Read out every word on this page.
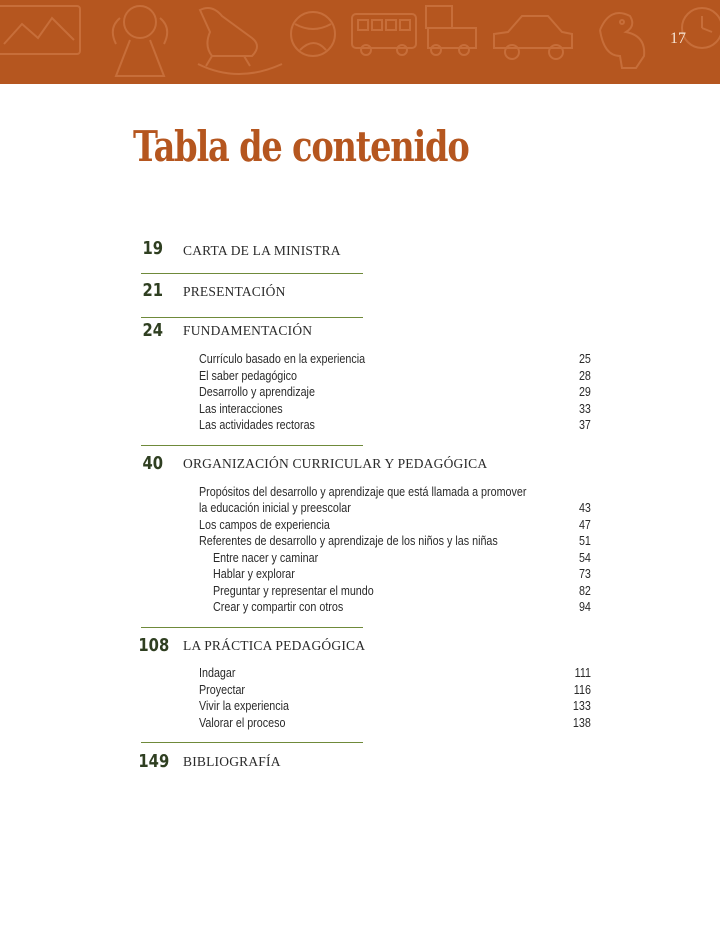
17
Tabla de contenido
19 CARTA DE LA MINISTRA
21 PRESENTACIÓN
24 FUNDAMENTACIÓN
Currículo basado en la experiencia	25
El saber pedagógico	28
Desarrollo y aprendizaje	29
Las interacciones	33
Las actividades rectoras	37
40 ORGANIZACIÓN CURRICULAR Y PEDAGÓGICA
Propósitos del desarrollo y aprendizaje que está llamada a promover
la educación inicial y preescolar	43
Los campos de experiencia	47
Referentes de desarrollo y aprendizaje de los niños y las niñas	51
Entre nacer y caminar	54
Hablar y explorar	73
Preguntar y representar el mundo	82
Crear y compartir con otros	94
108 LA PRÁCTICA PEDAGÓGICA
Indagar	111
Proyectar	116
Vivir la experiencia	133
Valorar el proceso	138
149 BIBLIOGRAFÍA
